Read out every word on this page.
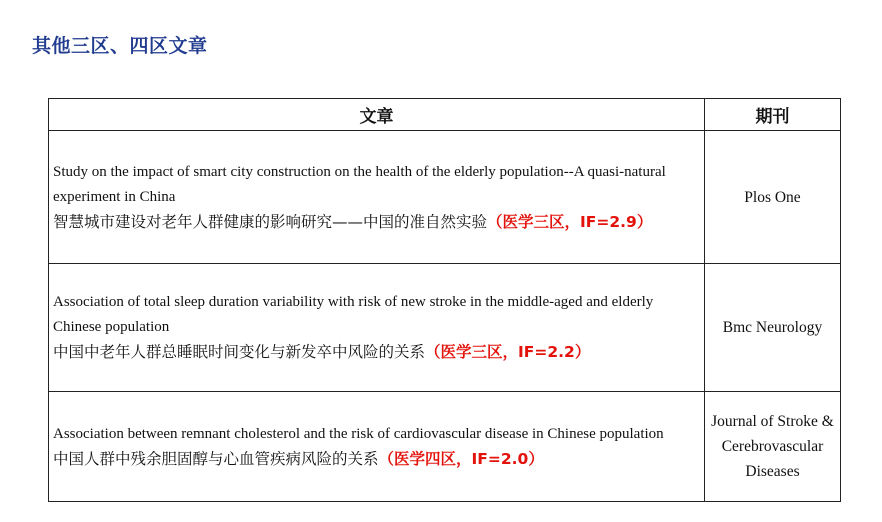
其他三区、四区文章
文章	期刊

Study on the impact of smart city construction on the health of the elderly population--A quasi-natural experiment in China
智慧城市建设对老年人群健康的影响研究——中国的准自然实验（医学三区，IF=2.9）	Plos One

Association of total sleep duration variability with risk of new stroke in the middle-aged and elderly Chinese population
中国中老年人群总睡眠时间变化与新发卒中风险的关系（医学三区，IF=2.2）	Bmc Neurology

Association between remnant cholesterol and the risk of cardiovascular disease in Chinese population
中国人群中残余胆固醇与心血管疾病风险的关系（医学四区，IF=2.0）	Journal of Stroke & Cerebrovascular Diseases
